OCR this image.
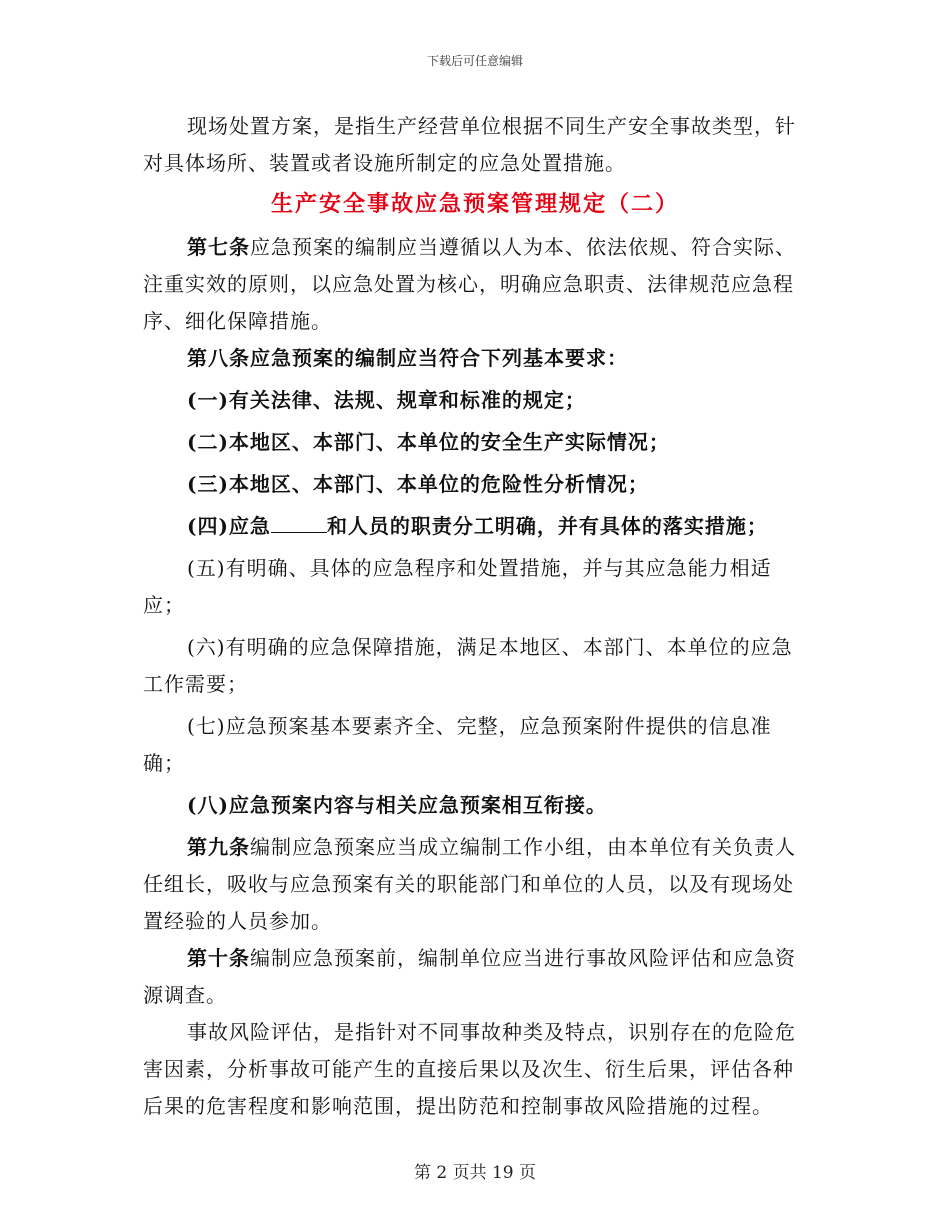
下载后可任意编辑

现场处置方案，是指生产经营单位根据不同生产安全事故类型，针对具体场所、装置或者设施所制定的应急处置措施。

生产安全事故应急预案管理规定（二）

第七条应急预案的编制应当遵循以人为本、依法依规、符合实际、注重实效的原则，以应急处置为核心，明确应急职责、法律规范应急程序、细化保障措施。

第八条应急预案的编制应当符合下列基本要求：

(一)有关法律、法规、规章和标准的规定；

(二)本地区、本部门、本单位的安全生产实际情况；

(三)本地区、本部门、本单位的危险性分析情况；

(四)应急	和人员的职责分工明确，并有具体的落实措施；

(五)有明确、具体的应急程序和处置措施，并与其应急能力相适应；

(六)有明确的应急保障措施，满足本地区、本部门、本单位的应急工作需要；

(七)应急预案基本要素齐全、完整，应急预案附件提供的信息准确；

(八)应急预案内容与相关应急预案相互衔接。

第九条编制应急预案应当成立编制工作小组，由本单位有关负责人任组长，吸收与应急预案有关的职能部门和单位的人员，以及有现场处置经验的人员参加。

第十条编制应急预案前，编制单位应当进行事故风险评估和应急资源调查。

事故风险评估，是指针对不同事故种类及特点，识别存在的危险危害因素，分析事故可能产生的直接后果以及次生、衍生后果，评估各种后果的危害程度和影响范围，提出防范和控制事故风险措施的过程。

第 2 页共 19 页
